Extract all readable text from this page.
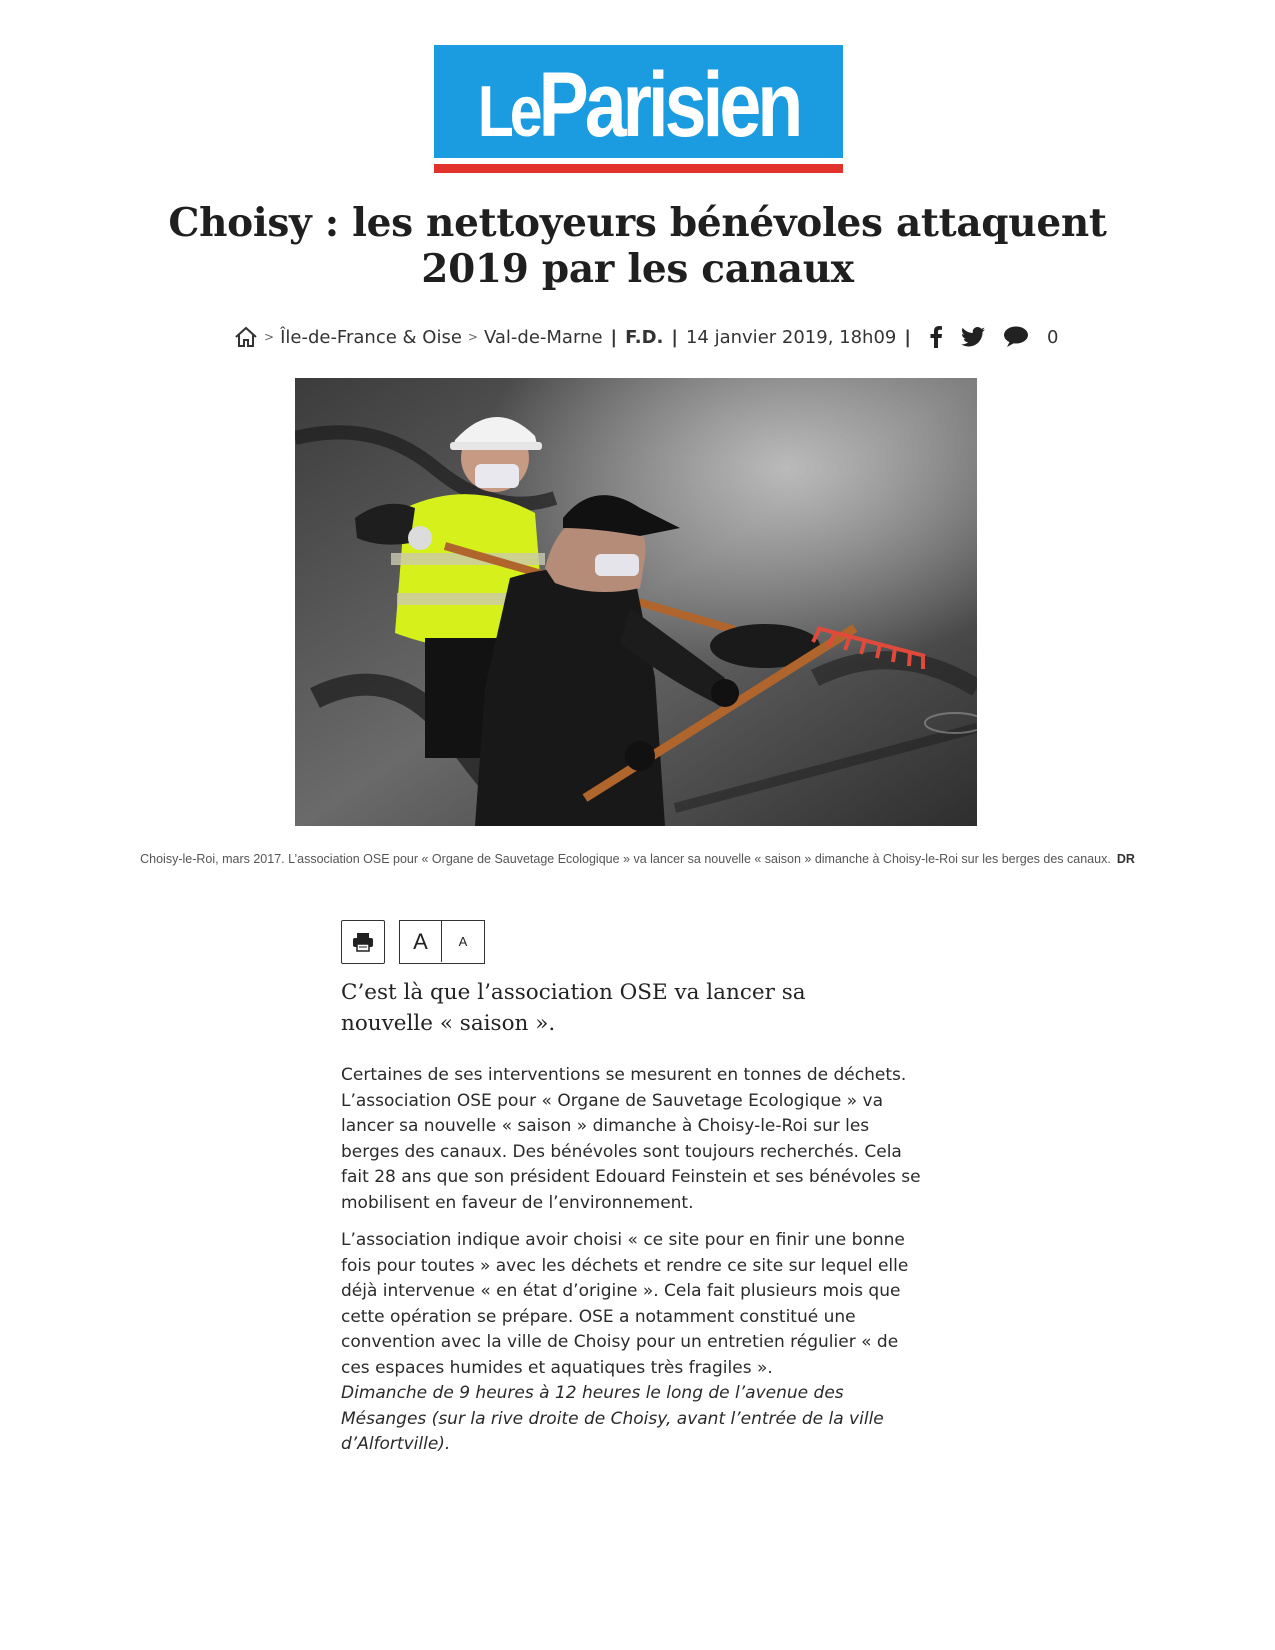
LeParisien
Choisy : les nettoyeurs bénévoles attaquent 2019 par les canaux
> Île-de-France & Oise > Val-de-Marne | F.D. | 14 janvier 2019, 18h09 |	0
Choisy-le-Roi, mars 2017. L’association OSE pour « Organe de Sauvetage Ecologique » va lancer sa nouvelle « saison » dimanche à Choisy-le-Roi sur les berges des canaux. DR
A	A

C’est là que l’association OSE va lancer sa nouvelle « saison ».

Certaines de ses interventions se mesurent en tonnes de déchets. L’association OSE pour « Organe de Sauvetage Ecologique » va lancer sa nouvelle « saison » dimanche à Choisy-le-Roi sur les berges des canaux. Des bénévoles sont toujours recherchés. Cela fait 28 ans que son président Edouard Feinstein et ses bénévoles se mobilisent en faveur de l’environnement.

L’association indique avoir choisi « ce site pour en finir une bonne fois pour toutes » avec les déchets et rendre ce site sur lequel elle déjà intervenue « en état d’origine ». Cela fait plusieurs mois que cette opération se prépare. OSE a notamment constitué une convention avec la ville de Choisy pour un entretien régulier « de ces espaces humides et aquatiques très fragiles ».
Dimanche de 9 heures à 12 heures le long de l’avenue des Mésanges (sur la rive droite de Choisy, avant l’entrée de la ville d’Alfortville).
